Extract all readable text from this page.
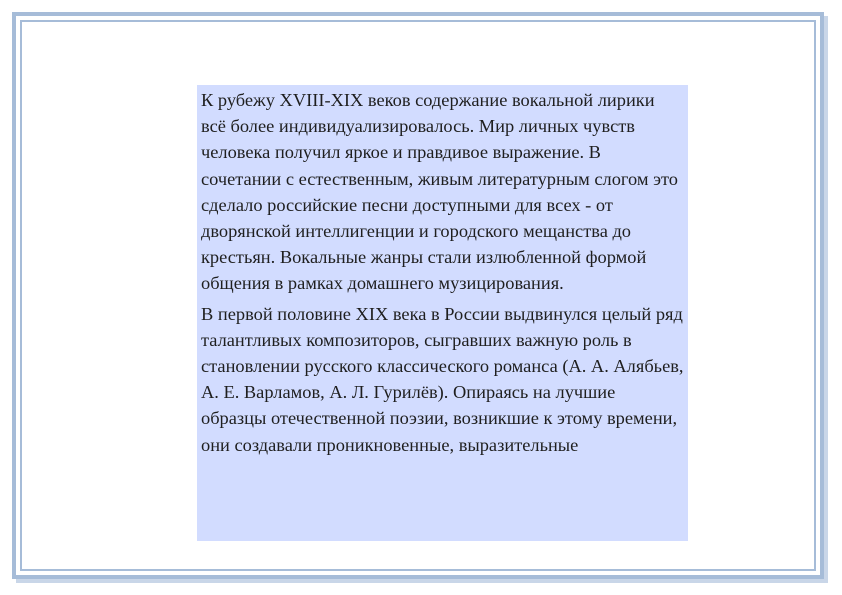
К рубежу XVIII-XIX веков содержание вокальной лирики всё более индивидуализировалось. Мир личных чувств человека получил яркое и правдивое выражение. В сочетании с естественным, живым литературным слогом это сделало российские песни доступными для всех - от дворянской интеллигенции и городского мещанства до крестьян. Вокальные жанры стали излюбленной формой общения в рамках домашнего музицирования.

В первой половине XIX века в России выдвинулся целый ряд талантливых композиторов, сыгравших важную роль в становлении русского классического романса (А. А. Алябьев, А. Е. Варламов, А. Л. Гурилёв). Опираясь на лучшие образцы отечественной поэзии, возникшие к этому времени, они создавали проникновенные, выразительные
